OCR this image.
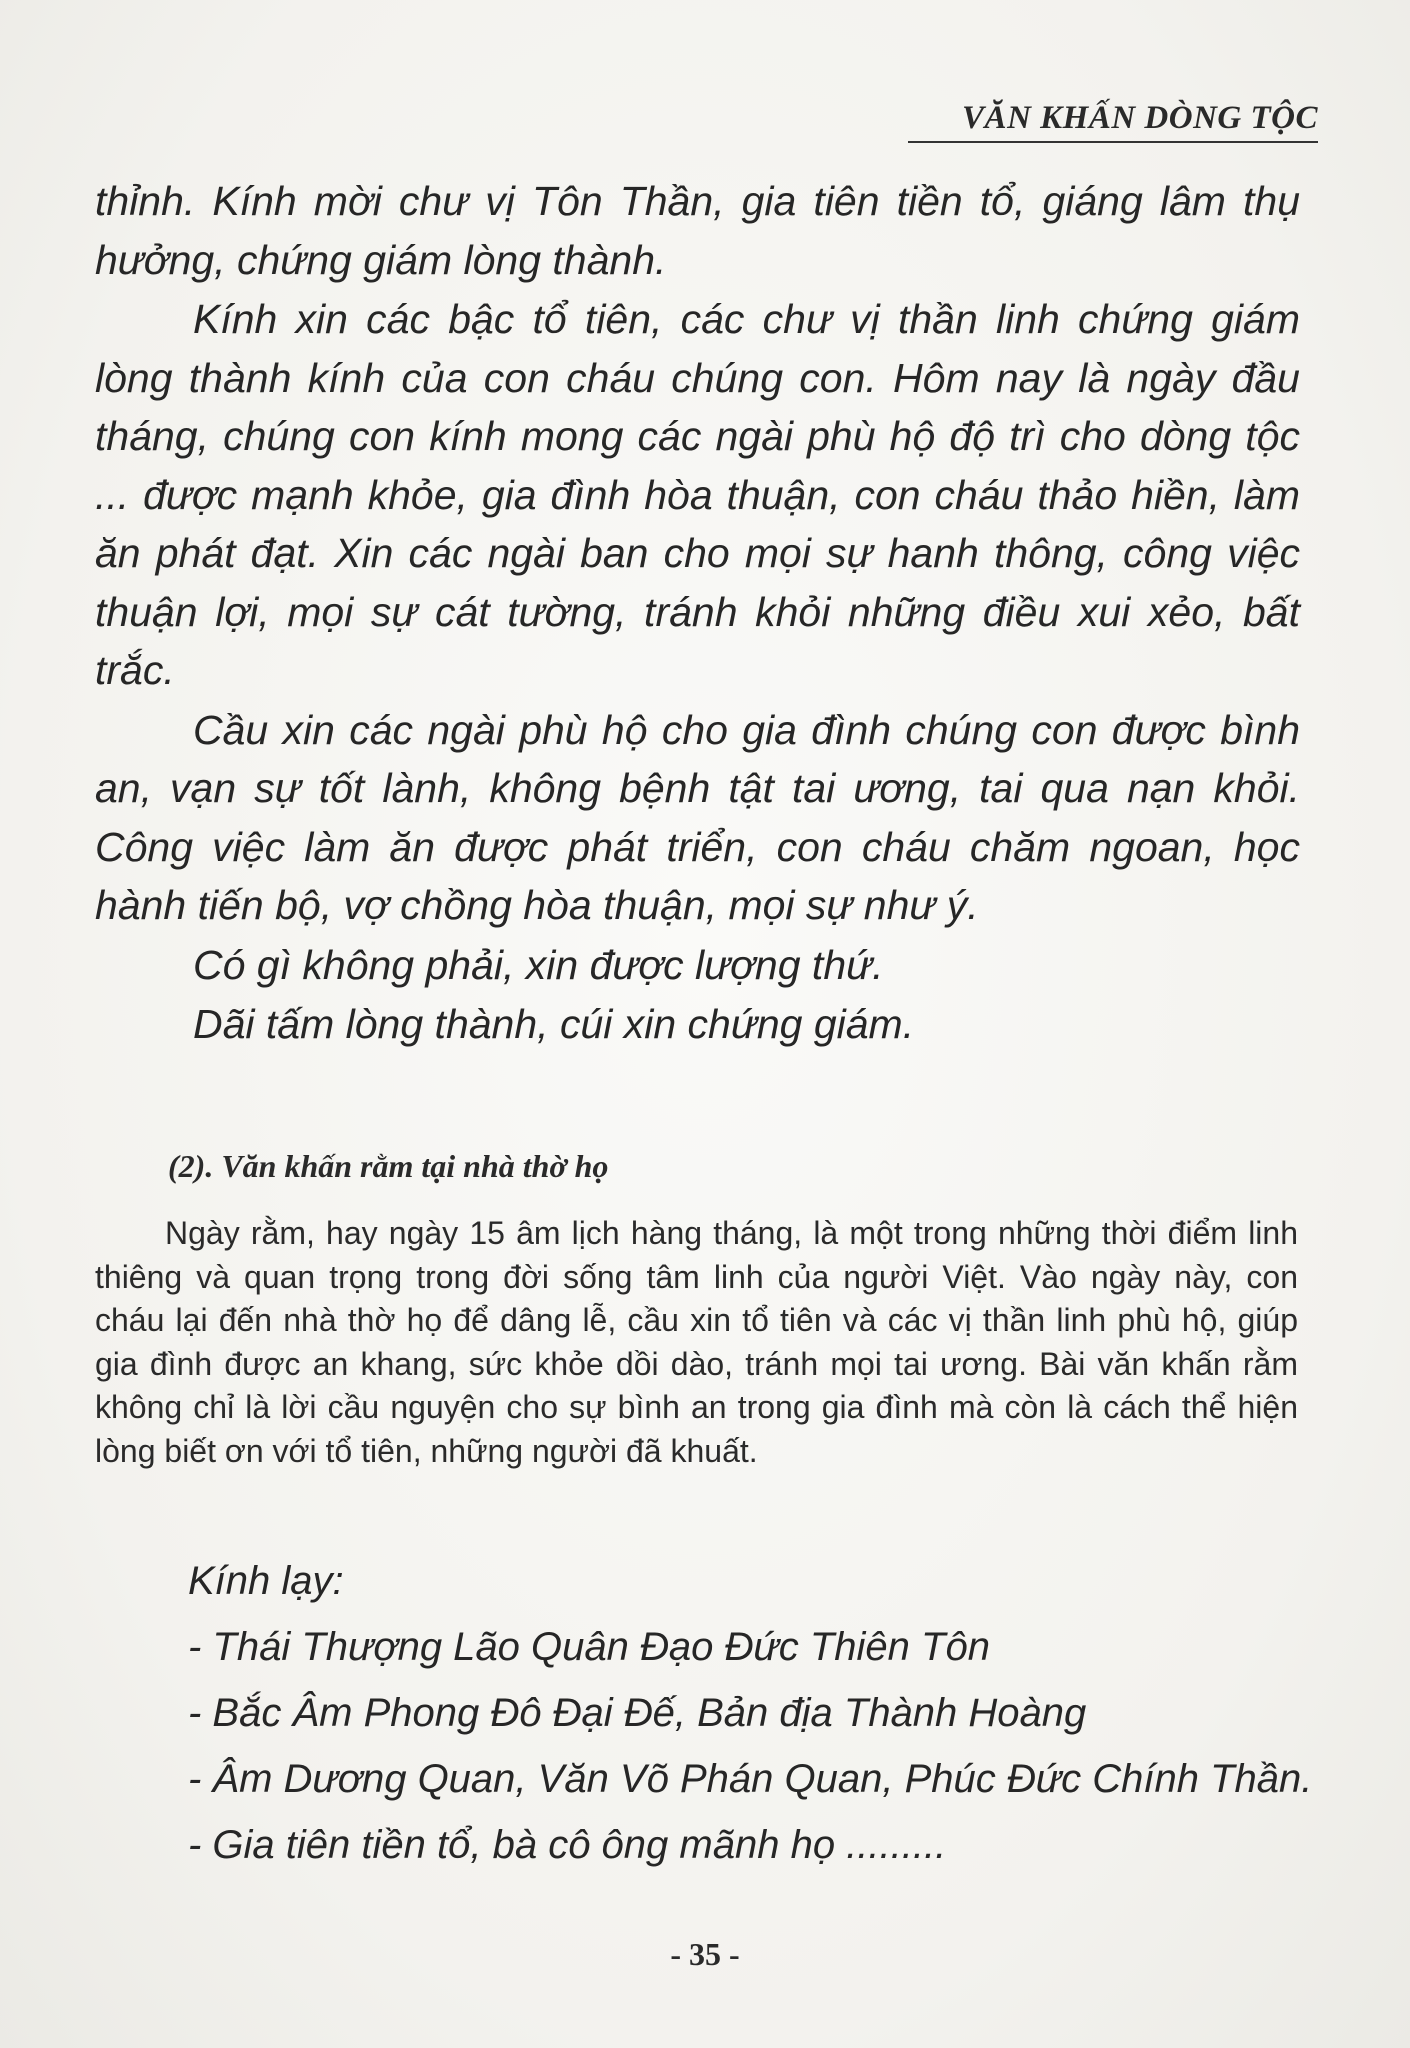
VĂN KHẤN DÒNG TỘC

thỉnh. Kính mời chư vị Tôn Thần, gia tiên tiền tổ, giáng lâm thụ hưởng, chứng giám lòng thành.

Kính xin các bậc tổ tiên, các chư vị thần linh chứng giám lòng thành kính của con cháu chúng con. Hôm nay là ngày đầu tháng, chúng con kính mong các ngài phù hộ độ trì cho dòng tộc ... được mạnh khỏe, gia đình hòa thuận, con cháu thảo hiền, làm ăn phát đạt. Xin các ngài ban cho mọi sự hanh thông, công việc thuận lợi, mọi sự cát tường, tránh khỏi những điều xui xẻo, bất trắc.

Cầu xin các ngài phù hộ cho gia đình chúng con được bình an, vạn sự tốt lành, không bệnh tật tai ương, tai qua nạn khỏi. Công việc làm ăn được phát triển, con cháu chăm ngoan, học hành tiến bộ, vợ chồng hòa thuận, mọi sự như ý.

Có gì không phải, xin được lượng thứ.

Dãi tấm lòng thành, cúi xin chứng giám.

(2). Văn khấn rằm tại nhà thờ họ

Ngày rằm, hay ngày 15 âm lịch hàng tháng, là một trong những thời điểm linh thiêng và quan trọng trong đời sống tâm linh của người Việt. Vào ngày này, con cháu lại đến nhà thờ họ để dâng lễ, cầu xin tổ tiên và các vị thần linh phù hộ, giúp gia đình được an khang, sức khỏe dồi dào, tránh mọi tai ương. Bài văn khấn rằm không chỉ là lời cầu nguyện cho sự bình an trong gia đình mà còn là cách thể hiện lòng biết ơn với tổ tiên, những người đã khuất.

Kính lạy:
- Thái Thượng Lão Quân Đạo Đức Thiên Tôn
- Bắc Âm Phong Đô Đại Đế, Bản địa Thành Hoàng
- Âm Dương Quan, Văn Võ Phán Quan, Phúc Đức Chính Thần.
- Gia tiên tiền tổ, bà cô ông mãnh họ .........
- 35 -
